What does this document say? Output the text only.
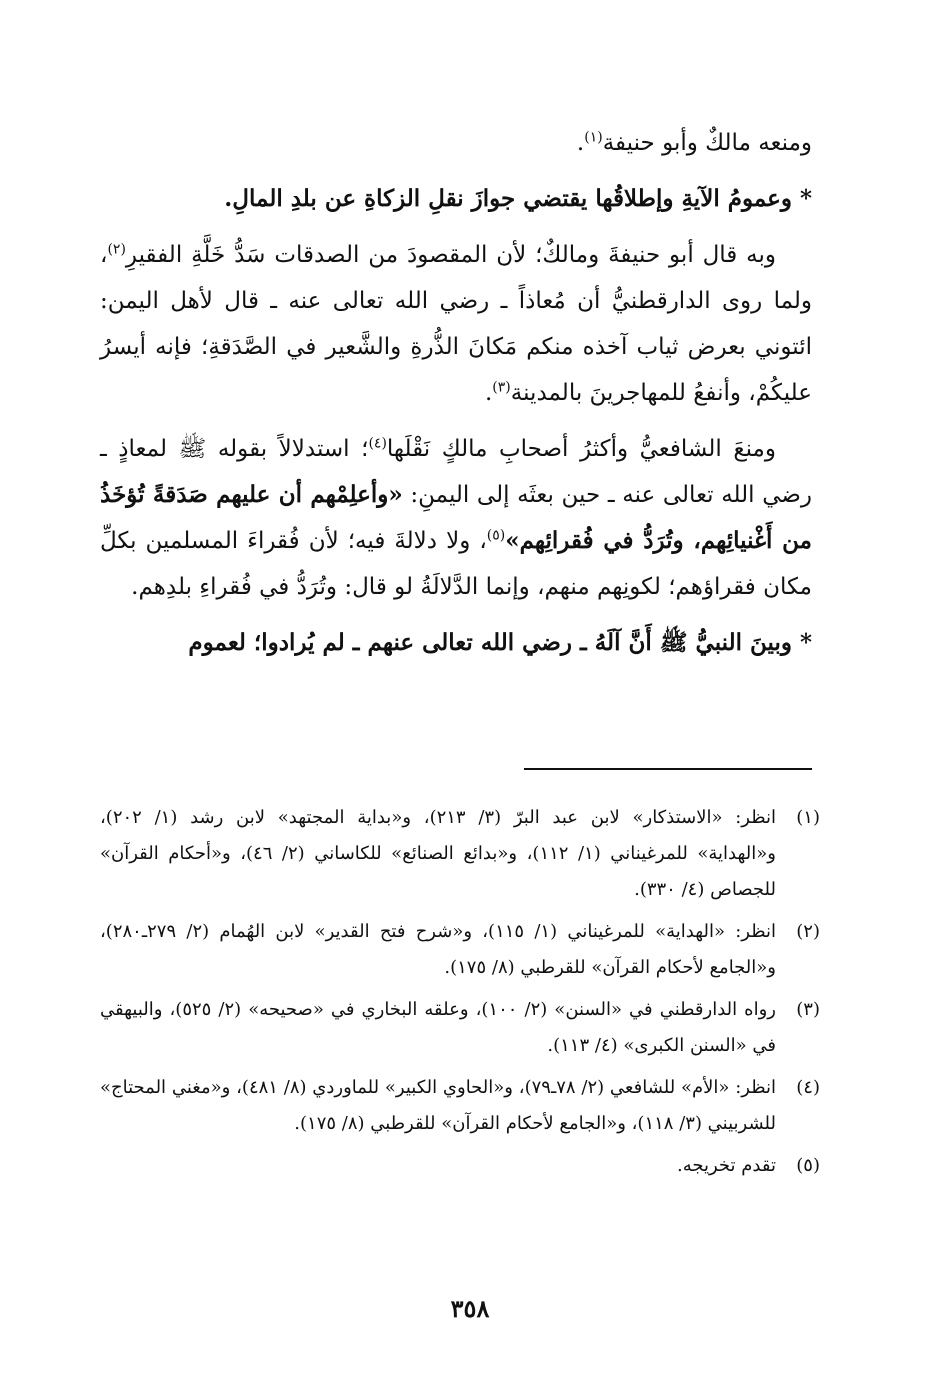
ومنعه مالكٌ وأبو حنيفة$^{(١)}$.

* وعمومُ الآيةِ وإطلاقُها يقتضي جوازَ نقلِ الزكاةِ عن بلدِ المالِ.

وبه قال أبو حنيفةَ ومالكٌ؛ لأن المقصودَ من الصدقات سَدُّ خَلَّةِ الفقيرِ$^{(٢)}$، ولما روى الدارقطنيُّ أن مُعاذاً ـ رضي الله تعالى عنه ـ قال لأهل اليمن: ائتوني بعرض ثياب آخذه منكم مَكانَ الذُّرةِ والشَّعير في الصَّدَقةِ؛ فإنه أيسرُ عليكُمْ، وأنفعُ للمهاجرينَ بالمدينة$^{(٣)}$.

ومنعَ الشافعيُّ وأكثرُ أصحابِ مالكٍ نَقْلَها$^{(٤)}$؛ استدلالاً بقوله ﷺ لمعاذٍ ـ رضي الله تعالى عنه ـ حين بعثَه إلى اليمنِ: «وأعلِمْهم أن عليهم صَدَقةً تُؤخَذُ من أَغْنيائِهم، وتُرَدُّ في فُقرائِهم»$^{(٥)}$، ولا دلالةَ فيه؛ لأن فُقراءَ المسلمين بكلِّ مكان فقراؤهم؛ لكونِهم منهم، وإنما الدَّلالَةُ لو قال: وتُرَدُّ في فُقراءِ بلدِهم.

* وبينَ النبيُّ ﷺ أَنَّ آلَهُ ـ رضي الله تعالى عنهم ـ لم يُرادوا؛ لعموم

(١)
انظر: «الاستذكار» لابن عبد البرّ (٣/ ٢١٣)، و«بداية المجتهد» لابن رشد (١/ ٢٠٢)، و«الهداية» للمرغيناني (١/ ١١٢)، و«بدائع الصنائع» للكاساني (٢/ ٤٦)، و«أحكام القرآن» للجصاص (٤/ ٣٣٠).
(٢)
انظر: «الهداية» للمرغيناني (١/ ١١٥)، و«شرح فتح القدير» لابن الهُمام (٢/ ٢٧٩ـ٢٨٠)، و«الجامع لأحكام القرآن» للقرطبي (٨/ ١٧٥).
(٣)
رواه الدارقطني في «السنن» (٢/ ١٠٠)، وعلقه البخاري في «صحيحه» (٢/ ٥٢٥)، والبيهقي في «السنن الكبرى» (٤/ ١١٣).
(٤)
انظر: «الأم» للشافعي (٢/ ٧٨ـ٧٩)، و«الحاوي الكبير» للماوردي (٨/ ٤٨١)، و«مغني المحتاج» للشربيني (٣/ ١١٨)، و«الجامع لأحكام القرآن» للقرطبي (٨/ ١٧٥).
(٥)
تقدم تخريجه.
٣٥٨
